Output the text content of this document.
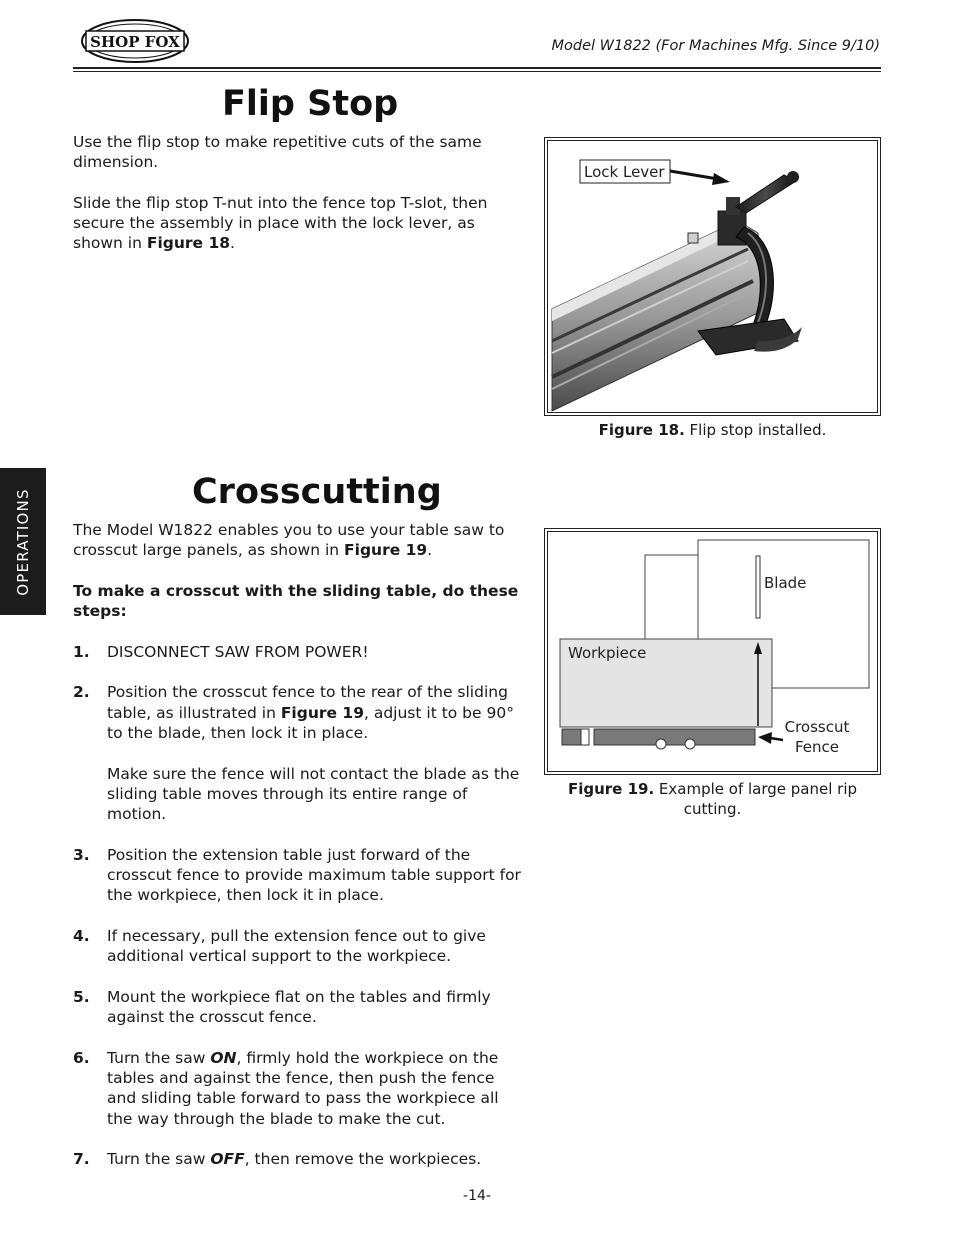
SHOP FOX	Model W1822 (For Machines Mfg. Since 9/10)
Flip Stop

Use the flip stop to make repetitive cuts of the same dimension.

Slide the flip stop T-nut into the fence top T-slot, then secure the assembly in place with the lock lever, as shown in Figure 18.

Lock Lever
Figure 18. Flip stop installed.
OPERATIONS	Crosscutting

The Model W1822 enables you to use your table saw to crosscut large panels, as shown in Figure 19.

To make a crosscut with the sliding table, do these steps:

1. DISCONNECT SAW FROM POWER!
2. Position the crosscut fence to the rear of the sliding table, as illustrated in Figure 19, adjust it to be 90° to the blade, then lock it in place.
Make sure the fence will not contact the blade as the sliding table moves through its entire range of motion.
3. Position the extension table just forward of the crosscut fence to provide maximum table support for the workpiece, then lock it in place.
4. If necessary, pull the extension fence out to give additional vertical support to the workpiece.
5. Mount the workpiece flat on the tables and firmly against the crosscut fence.
6. Turn the saw ON, firmly hold the workpiece on the tables and against the fence, then push the fence and sliding table forward to pass the workpiece all the way through the blade to make the cut.
7. Turn the saw OFF, then remove the workpieces.
Blade
Workpiece
Crosscut
Fence
Figure 19. Example of large panel rip cutting.
-14-
